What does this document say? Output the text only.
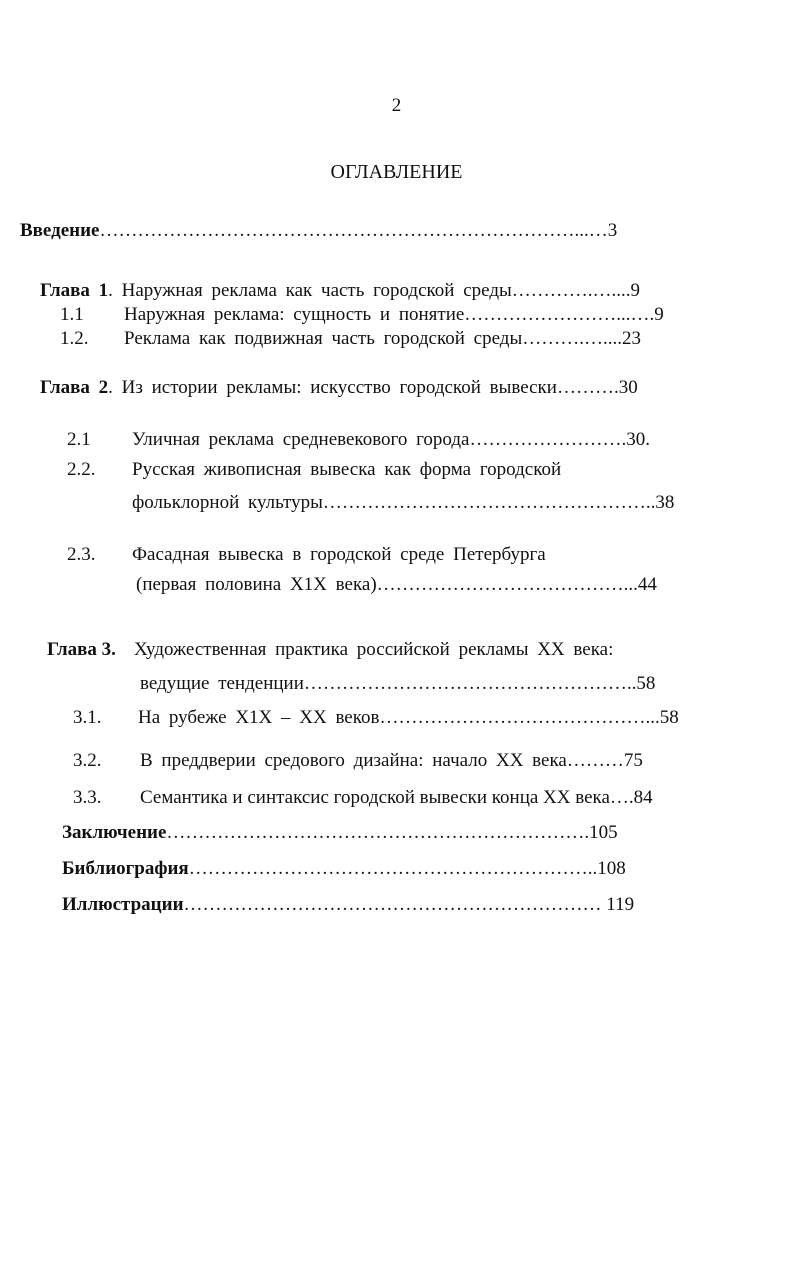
2
ОГЛАВЛЕНИЕ
Введение…………………………………………………………………...…3
Глава 1. Наружная реклама как часть городской среды………….…....9
1.1 Наружная реклама: сущность и понятие……………………...….9
1.2. Реклама как подвижная часть городской среды……….…....23
Глава 2. Из истории рекламы: искусство городской вывески……….30
2.1 Уличная реклама средневекового города…………………….30.
2.2. Русская живописная вывеска как форма городской
фольклорной культуры……………………………………………..38
2.3. Фасадная вывеска в городской среде Петербурга
(первая половина Х1Х века)…………………………………...44
Глава 3. Художественная практика российской рекламы ХХ века:
ведущие тенденции……………………………………………..58
3.1. На рубеже Х1Х – ХХ веков……………………………………...58
3.2. В преддверии средового дизайна: начало ХХ века………75
3.3. Семантика и синтаксис городской вывески конца ХХ века….84
Заключение………………………………………………………….105
Библиография………………………………………………………..108
Иллюстрации………………………………………………………… 119
